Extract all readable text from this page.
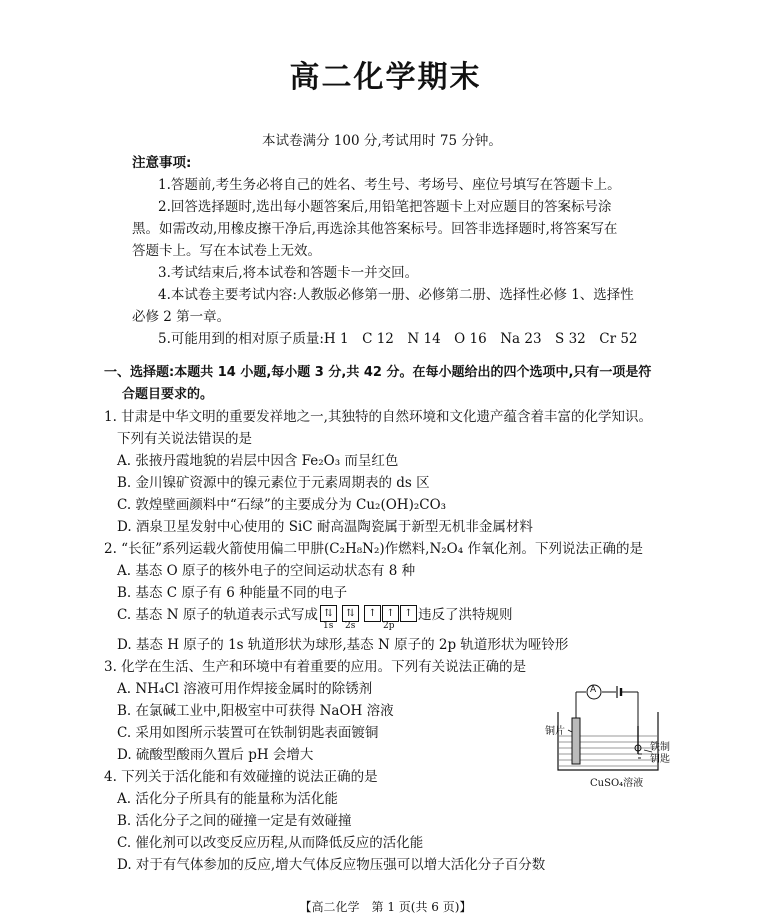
高二化学期末
本试卷满分 100 分,考试用时 75 分钟。
注意事项:
1.答题前,考生务必将自己的姓名、考生号、考场号、座位号填写在答题卡上。
2.回答选择题时,选出每小题答案后,用铅笔把答题卡上对应题目的答案标号涂
黑。如需改动,用橡皮擦干净后,再选涂其他答案标号。回答非选择题时,将答案写在
答题卡上。写在本试卷上无效。
3.考试结束后,将本试卷和答题卡一并交回。
4.本试卷主要考试内容:人教版必修第一册、必修第二册、选择性必修 1、选择性
必修 2 第一章。
5.可能用到的相对原子质量:H 1　C 12　N 14　O 16　Na 23　S 32　Cr 52
一、选择题:本题共 14 小题,每小题 3 分,共 42 分。在每小题给出的四个选项中,只有一项是符
合题目要求的。
1. 甘肃是中华文明的重要发祥地之一,其独特的自然环境和文化遗产蕴含着丰富的化学知识。
下列有关说法错误的是
A. 张掖丹霞地貌的岩层中因含 Fe₂O₃ 而呈红色
B. 金川镍矿资源中的镍元素位于元素周期表的 ds 区
C. 敦煌壁画颜料中“石绿”的主要成分为 Cu₂(OH)₂CO₃
D. 酒泉卫星发射中心使用的 SiC 耐高温陶瓷属于新型无机非金属材料
2. “长征”系列运载火箭使用偏二甲肼(C₂H₈N₂)作燃料,N₂O₄ 作氧化剂。下列说法正确的是
A. 基态 O 原子的核外电子的空间运动状态有 8 种
B. 基态 C 原子有 6 种能量不同的电子
C. 基态 N 原子的轨道表示式写成 ⇅	⇅	↑ ↑ ↑
1s 2s	2p
违反了洪特规则
D. 基态 H 原子的 1s 轨道形状为球形,基态 N 原子的 2p 轨道形状为哑铃形
3. 化学在生活、生产和环境中有着重要的应用。下列有关说法正确的是
A. NH₄Cl 溶液可用作焊接金属时的除锈剂
B. 在氯碱工业中,阳极室中可获得 NaOH 溶液
C. 采用如图所示装置可在铁制钥匙表面镀铜
D. 硫酸型酸雨久置后 pH 会增大
A
铜片
铁制钥匙
CuSO₄溶液
4. 下列关于活化能和有效碰撞的说法正确的是
A. 活化分子所具有的能量称为活化能
B. 活化分子之间的碰撞一定是有效碰撞
C. 催化剂可以改变反应历程,从而降低反应的活化能
D. 对于有气体参加的反应,增大气体反应物压强可以增大活化分子百分数
【高二化学　第 1 页(共 6 页)】
